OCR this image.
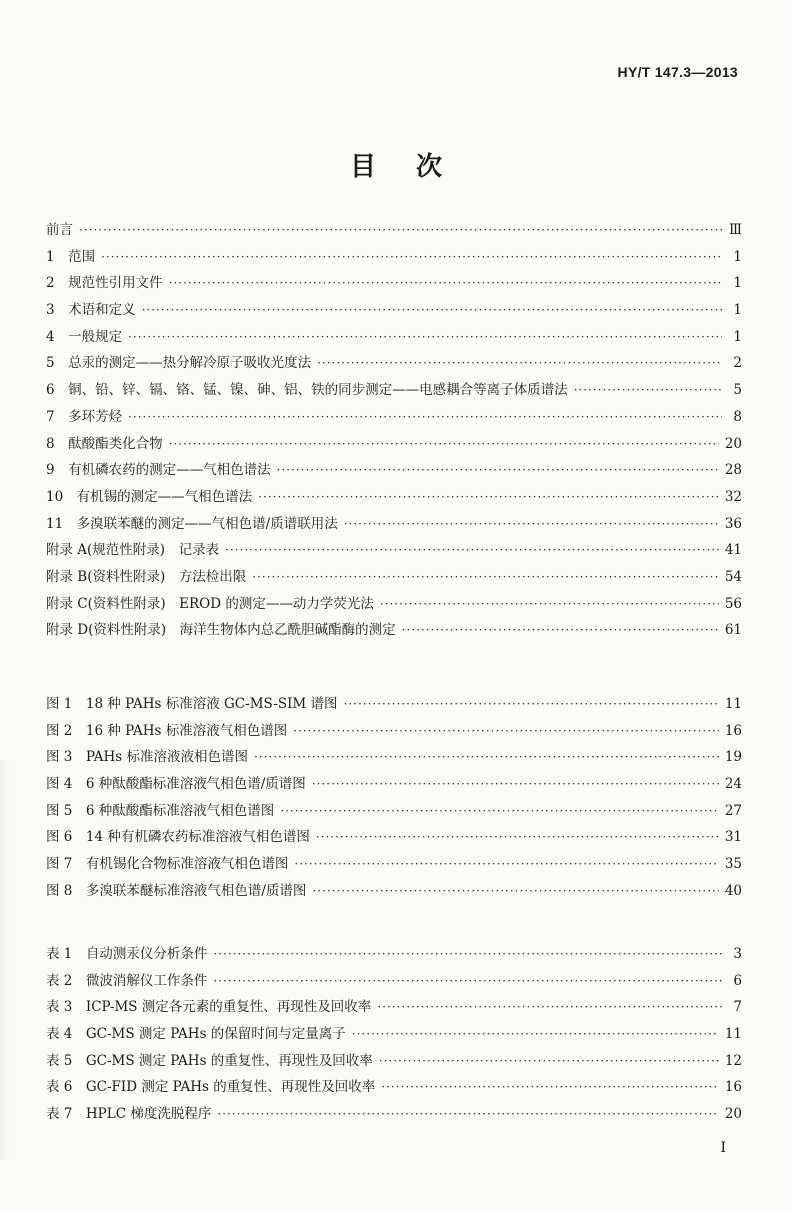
HY/T 147.3—2013
目次
前言 ·····	Ⅲ
1　范围 ·····	1
2　规范性引用文件 ·····	1
3　术语和定义 ·····	1
4　一般规定 ·····	1
5　总汞的测定——热分解冷原子吸收光度法 ·····	2
6　铜、铅、锌、镉、铬、锰、镍、砷、铝、铁的同步测定——电感耦合等离子体质谱法 ·····	5
7　多环芳烃 ·····	8
8　酞酸酯类化合物 ·····	20
9　有机磷农药的测定——气相色谱法 ·····	28
10　有机锡的测定——气相色谱法 ·····	32
11　多溴联苯醚的测定——气相色谱/质谱联用法 ·····	36
附录 A(规范性附录)　记录表 ·····	41
附录 B(资料性附录)　方法检出限 ·····	54
附录 C(资料性附录)　EROD 的测定——动力学荧光法 ·····	56
附录 D(资料性附录)　海洋生物体内总乙酰胆碱酯酶的测定 ·····	61
图 1　18 种 PAHs 标准溶液 GC-MS-SIM 谱图 ·····	11
图 2　16 种 PAHs 标准溶液气相色谱图 ·····	16
图 3　PAHs 标准溶液液相色谱图 ·····	19
图 4　6 种酞酸酯标准溶液气相色谱/质谱图 ·····	24
图 5　6 种酞酸酯标准溶液气相色谱图 ·····	27
图 6　14 种有机磷农药标准溶液气相色谱图 ·····	31
图 7　有机锡化合物标准溶液气相色谱图 ·····	35
图 8　多溴联苯醚标准溶液气相色谱/质谱图 ·····	40
表 1　自动测汞仪分析条件 ·····	3
表 2　微波消解仪工作条件 ·····	6
表 3　ICP-MS 测定各元素的重复性、再现性及回收率 ·····	7
表 4　GC-MS 测定 PAHs 的保留时间与定量离子 ·····	11
表 5　GC-MS 测定 PAHs 的重复性、再现性及回收率 ·····	12
表 6　GC-FID 测定 PAHs 的重复性、再现性及回收率 ·····	16
表 7　HPLC 梯度洗脱程序 ·····	20
I
